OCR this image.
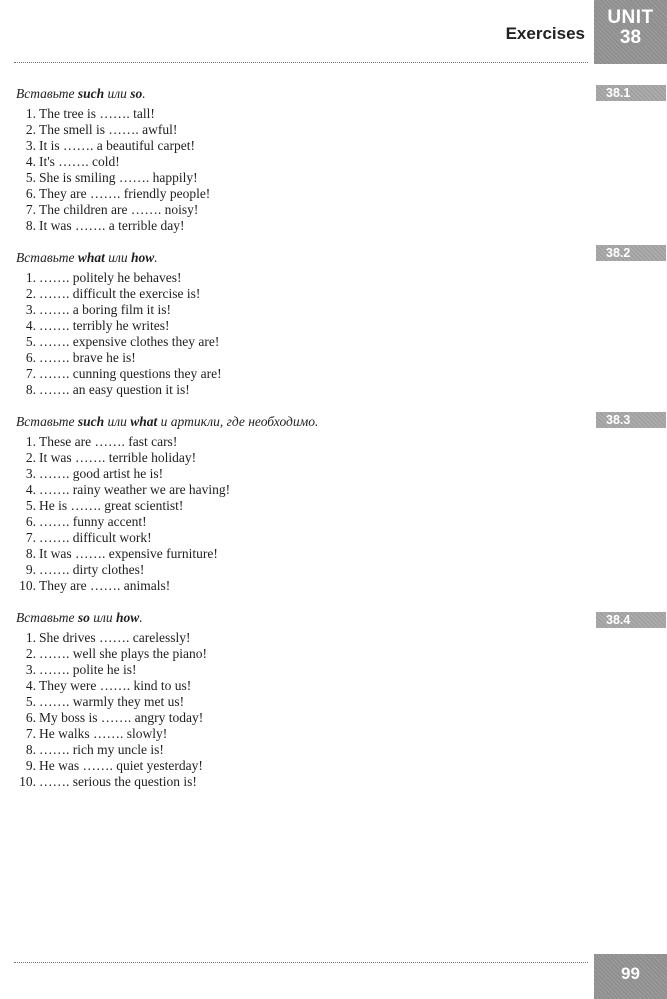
Exercises
UNIT
38
Вставьте such или so.
1. The tree is ……. tall!
2. The smell is ……. awful!
3. It is ……. a beautiful carpet!
4. It's ……. cold!
5. She is smiling ……. happily!
6. They are ……. friendly people!
7. The children are ……. noisy!
8. It was ……. a terrible day!
38.1
Вставьте what или how.
1. ……. politely he behaves!
2. ……. difficult the exercise is!
3. ……. a boring film it is!
4. ……. terribly he writes!
5. ……. expensive clothes they are!
6. ……. brave he is!
7. ……. cunning questions they are!
8. ……. an easy question it is!
38.2
Вставьте such или what и артикли, где необходимо.
1. These are ……. fast cars!
2. It was ……. terrible holiday!
3. ……. good artist he is!
4. ……. rainy weather we are having!
5. He is ……. great scientist!
6. ……. funny accent!
7. ……. difficult work!
8. It was ……. expensive furniture!
9. ……. dirty clothes!
10. They are ……. animals!
38.3
Вставьте so или how.
1. She drives ……. carelessly!
2. ……. well she plays the piano!
3. ……. polite he is!
4. They were ……. kind to us!
5. ……. warmly they met us!
6. My boss is ……. angry today!
7. He walks ……. slowly!
8. ……. rich my uncle is!
9. He was ……. quiet yesterday!
10. ……. serious the question is!
38.4
99
